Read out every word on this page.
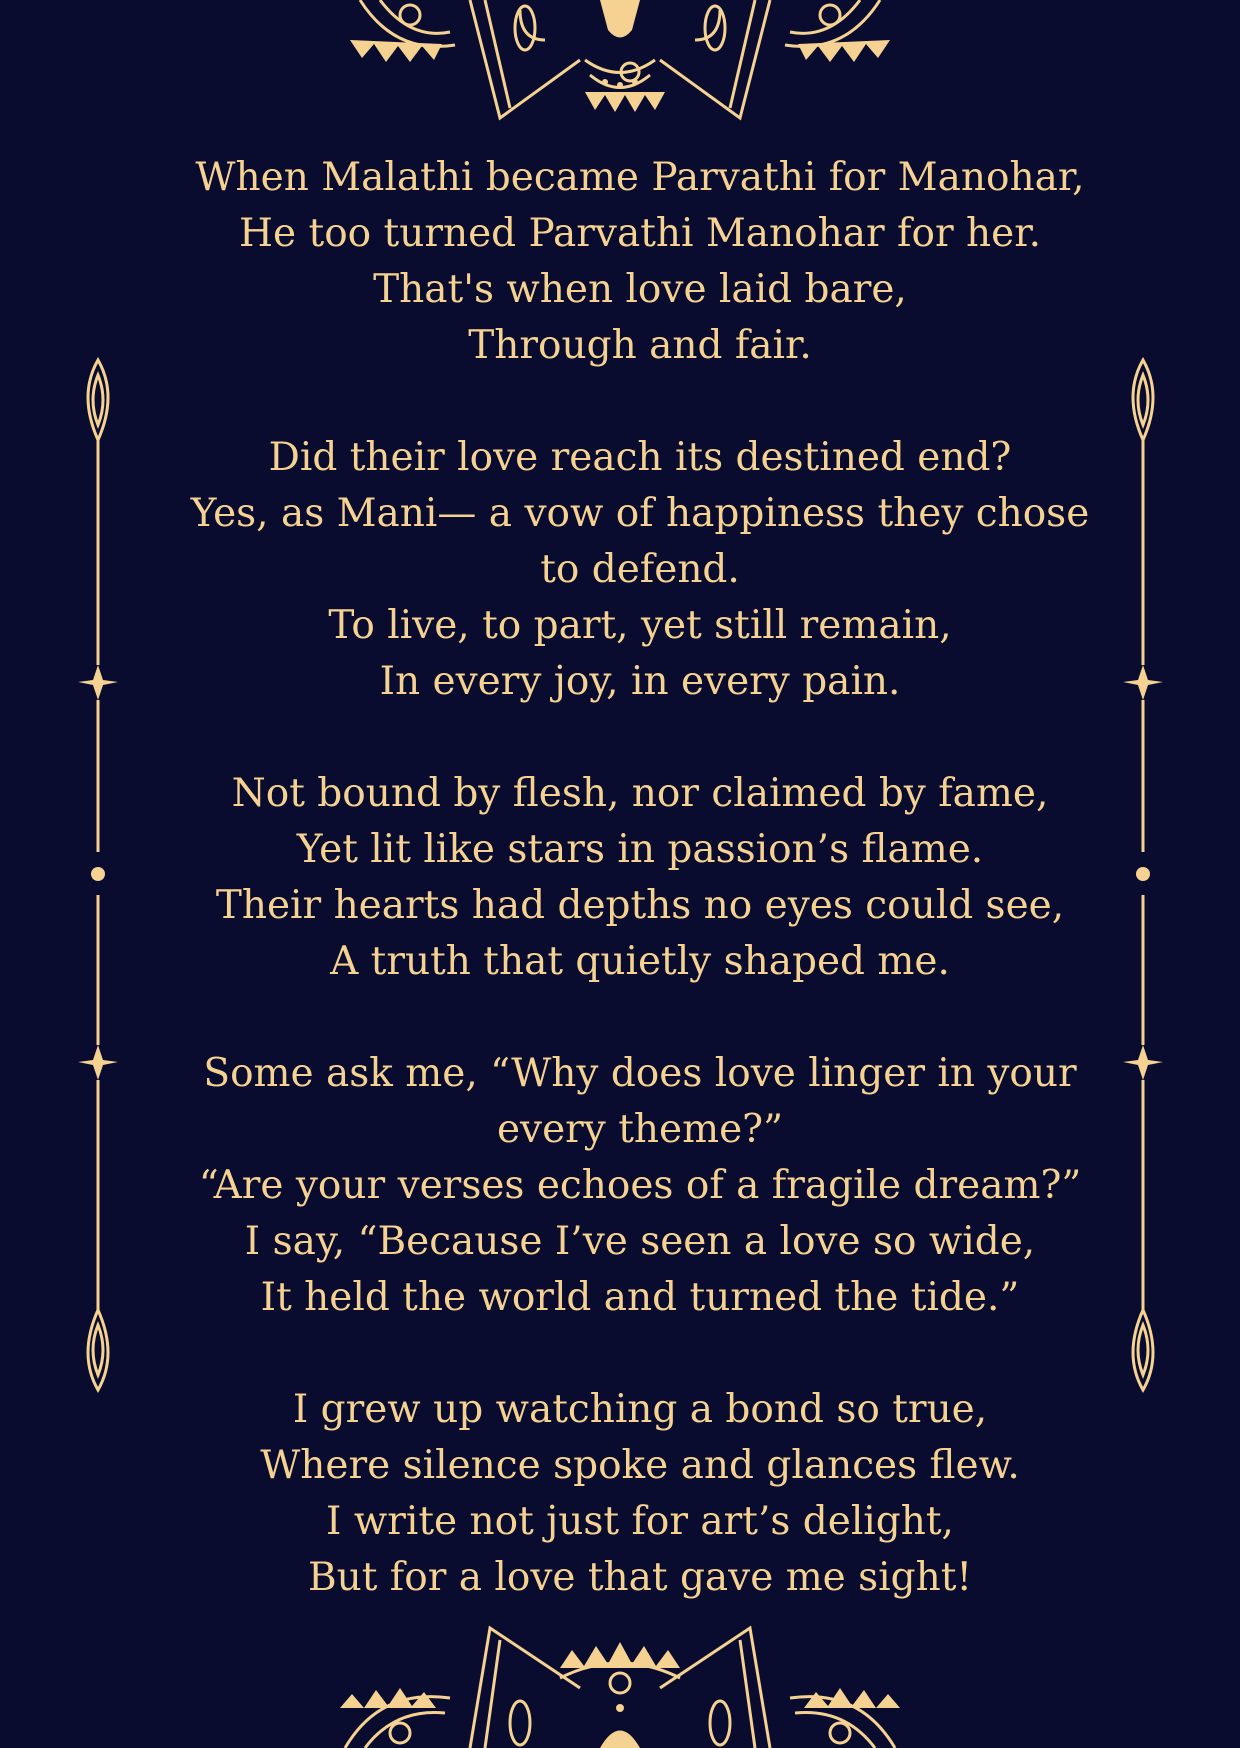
When Malathi became Parvathi for Manohar,
He too turned Parvathi Manohar for her.
That's when love laid bare,
Through and fair.
Did their love reach its destined end?
Yes, as Mani— a vow of happiness they chose to defend.
To live, to part, yet still remain,
In every joy, in every pain.
Not bound by flesh, nor claimed by fame,
Yet lit like stars in passion’s flame.
Their hearts had depths no eyes could see,
A truth that quietly shaped me.
Some ask me, “Why does love linger in your every theme?”
“Are your verses echoes of a fragile dream?”
I say, “Because I’ve seen a love so wide,
It held the world and turned the tide.”
I grew up watching a bond so true,
Where silence spoke and glances flew.
I write not just for art’s delight,
But for a love that gave me sight!
